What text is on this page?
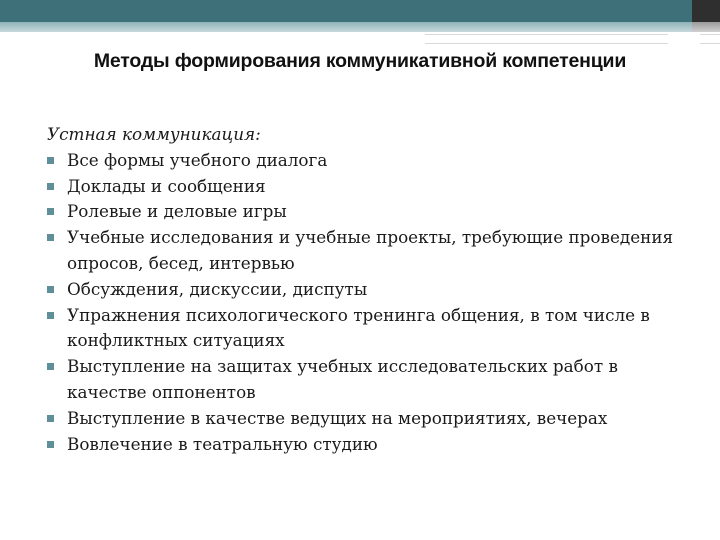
Методы формирования коммуникативной компетенции

Устная коммуникация:

Все формы учебного диалога
Доклады и сообщения
Ролевые и деловые игры
Учебные исследования и учебные проекты, требующие проведения опросов, бесед, интервью
Обсуждения, дискуссии, диспуты
Упражнения психологического тренинга общения, в том числе в конфликтных ситуациях
Выступление на защитах учебных исследовательских работ в качестве оппонентов
Выступление в качестве ведущих на мероприятиях, вечерах
Вовлечение в театральную студию
